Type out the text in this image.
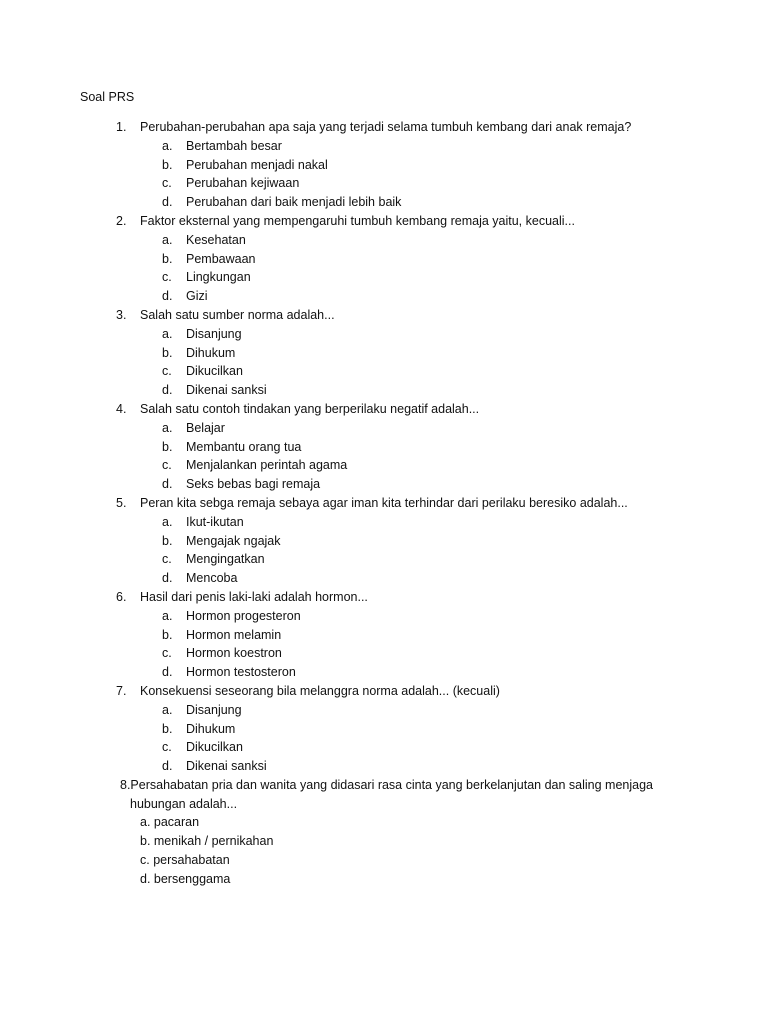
Soal PRS
1. Perubahan-perubahan apa saja yang terjadi selama tumbuh kembang dari anak remaja?
a. Bertambah besar
b. Perubahan menjadi nakal
c. Perubahan kejiwaan
d. Perubahan dari baik menjadi lebih baik
2. Faktor eksternal yang mempengaruhi tumbuh kembang remaja yaitu, kecuali...
a. Kesehatan
b. Pembawaan
c. Lingkungan
d. Gizi
3. Salah satu sumber norma adalah...
a. Disanjung
b. Dihukum
c. Dikucilkan
d. Dikenai sanksi
4. Salah satu contoh tindakan yang berperilaku negatif adalah...
a. Belajar
b. Membantu orang tua
c. Menjalankan perintah agama
d. Seks bebas bagi remaja
5. Peran kita sebga remaja sebaya agar iman kita terhindar dari perilaku beresiko adalah...
a. Ikut-ikutan
b. Mengajak ngajak
c. Mengingatkan
d. Mencoba
6. Hasil dari penis laki-laki adalah hormon...
a. Hormon progesteron
b. Hormon melamin
c. Hormon koestron
d. Hormon testosteron
7. Konsekuensi seseorang bila melanggra norma adalah... (kecuali)
a. Disanjung
b. Dihukum
c. Dikucilkan
d. Dikenai sanksi
8.Persahabatan pria dan wanita yang didasari rasa cinta yang berkelanjutan dan saling menjaga
hubungan adalah...
a. pacaran
b. menikah / pernikahan
c. persahabatan
d. bersenggama
